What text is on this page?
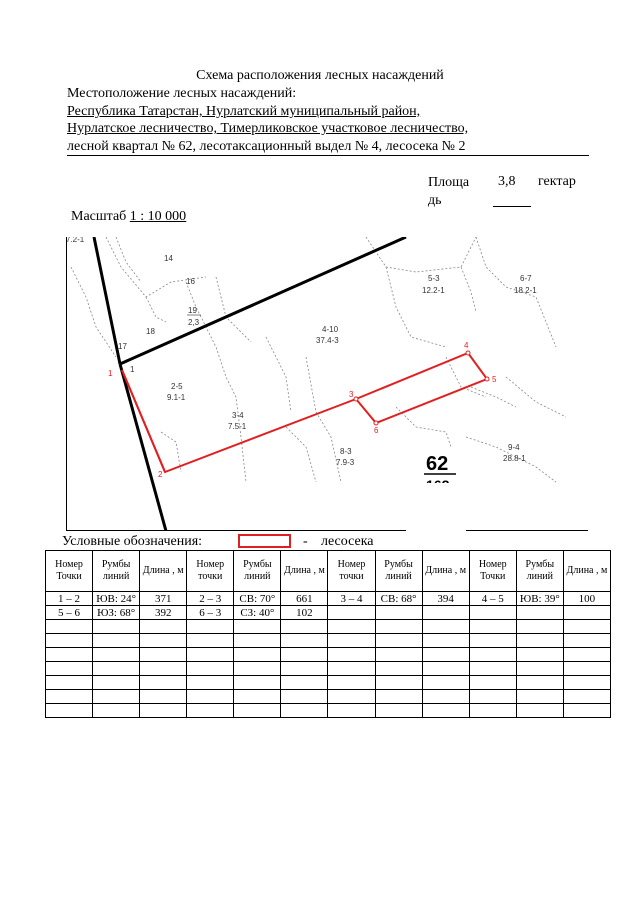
Схема расположения лесных насаждений
Местоположение лесных насаждений:
Республика Татарстан, Нурлатский муниципальный район,
Нурлатское лесничество, Тимерликовское участковое лесничество,
лесной квартал № 62, лесотаксационный выдел № 4, лесосека № 2
Площадь
3,8 гектар
Масштаб 1 : 10 000
1
2
3
4
5
6
1
7.2-1
14
16
19
2,3
18
17
5-3
12.2-1
6-7
18.2-1
4-10
37.4-3
2-5
9.1-1
3-4
7.5-1
8-3
7.9-3
9-4
28.8-1
62
Условные обозначения:	- лесосека
Номер Точки	Румбы линий	Длина , м	Номер точки	Румбы линий	Длина , м	Номер точки	Румбы линий	Длина , м	Номер Точки	Румбы линий	Длина , м
1 – 2	ЮВ: 24°	371	2 – 3	СВ: 70°	661	3 – 4	СВ: 68°	394	4 – 5	ЮВ: 39°	100
5 – 6	ЮЗ: 68°	392	6 – 3	СЗ: 40°	102						
